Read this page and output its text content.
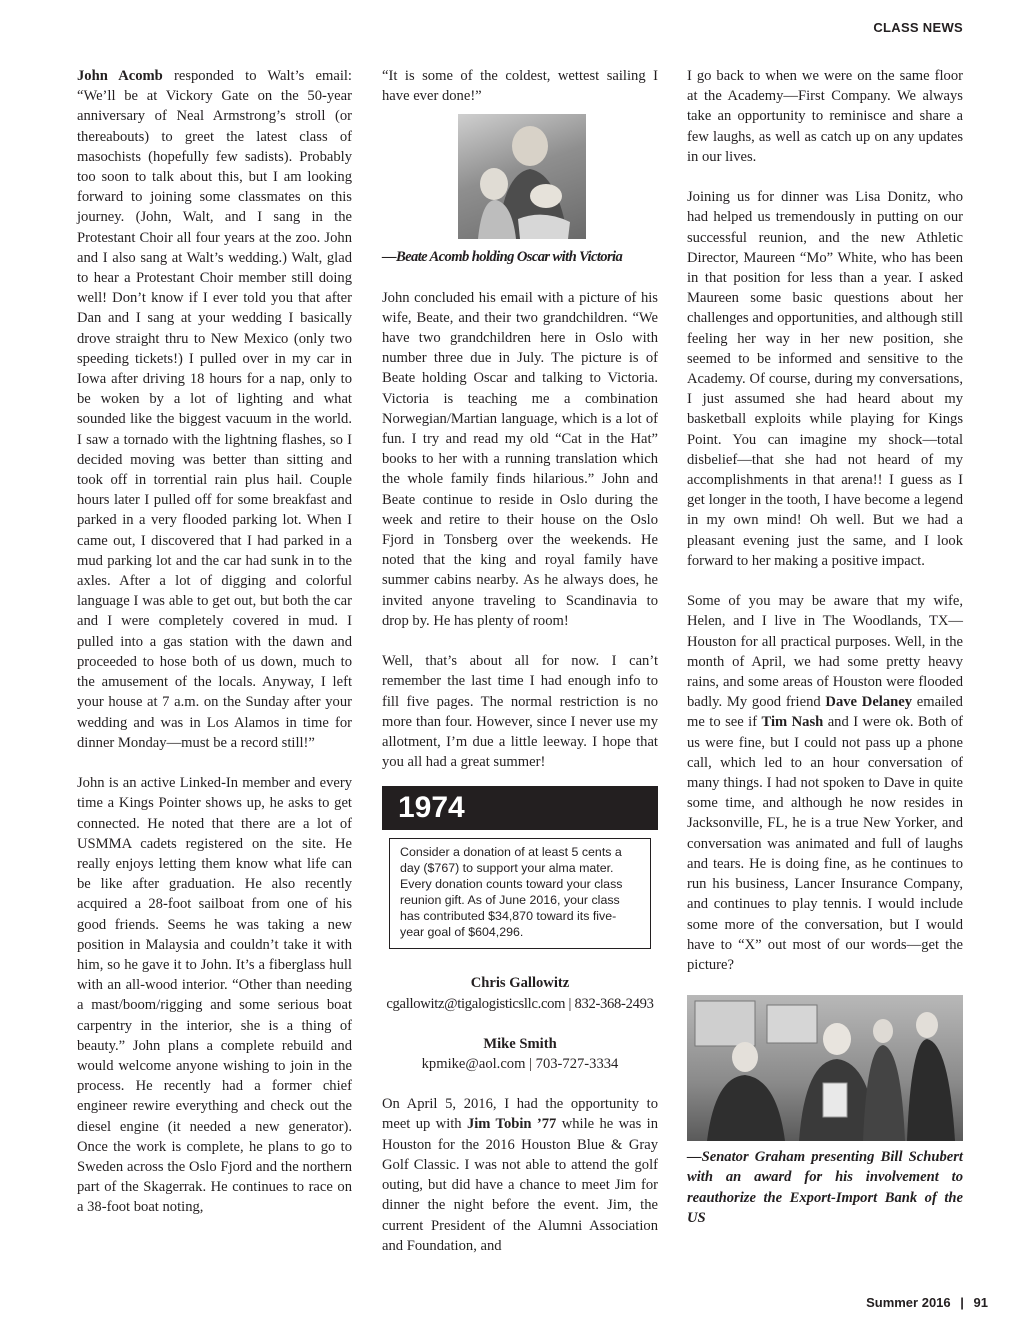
CLASS NEWS

John Acomb responded to Walt’s email: “We’ll be at Vickory Gate on the 50-year anniversary of Neal Armstrong’s stroll (or thereabouts) to greet the latest class of masochists (hopefully few sadists). Probably too soon to talk about this, but I am looking forward to joining some classmates on this journey. (John, Walt, and I sang in the Protestant Choir all four years at the zoo. John and I also sang at Walt’s wedding.) Walt, glad to hear a Protestant Choir member still doing well! Don’t know if I ever told you that after Dan and I sang at your wedding I basically drove straight thru to New Mexico (only two speeding tickets!) I pulled over in my car in Iowa after driving 18 hours for a nap, only to be woken by a lot of lighting and what sounded like the biggest vacuum in the world. I saw a tornado with the lightning flashes, so I decided moving was better than sitting and took off in torrential rain plus hail. Couple hours later I pulled off for some breakfast and parked in a very flooded parking lot. When I came out, I discovered that I had parked in a mud parking lot and the car had sunk in to the axles. After a lot of digging and colorful language I was able to get out, but both the car and I were completely covered in mud. I pulled into a gas station with the dawn and proceeded to hose both of us down, much to the amusement of the locals. Anyway, I left your house at 7 a.m. on the Sunday after your wedding and was in Los Alamos in time for dinner Monday—must be a record still!”

John is an active Linked-In member and every time a Kings Pointer shows up, he asks to get connected. He noted that there are a lot of USMMA cadets registered on the site. He really enjoys letting them know what life can be like after graduation. He also recently acquired a 28-foot sailboat from one of his good friends. Seems he was taking a new position in Malaysia and couldn’t take it with him, so he gave it to John. It’s a fiberglass hull with an all-wood interior. “Other than needing a mast/boom/rigging and some serious boat carpentry in the interior, she is a thing of beauty.” John plans a complete rebuild and would welcome anyone wishing to join in the process. He recently had a former chief engineer rewire everything and check out the diesel engine (it needed a new generator). Once the work is complete, he plans to go to Sweden across the Oslo Fjord and the northern part of the Skagerrak. He continues to race on a 38-foot boat noting,

“It is some of the coldest, wettest sailing I have ever done!”

—Beate Acomb holding Oscar with Victoria

John concluded his email with a picture of his wife, Beate, and their two grandchildren. “We have two grandchildren here in Oslo with number three due in July. The picture is of Beate holding Oscar and talking to Victoria. Victoria is teaching me a combination Norwegian/Martian language, which is a lot of fun. I try and read my old “Cat in the Hat” books to her with a running translation which the whole family finds hilarious.” John and Beate continue to reside in Oslo during the week and retire to their house on the Oslo Fjord in Tonsberg over the weekends. He noted that the king and royal family have summer cabins nearby. As he always does, he invited anyone traveling to Scandinavia to drop by. He has plenty of room!

Well, that’s about all for now. I can’t remember the last time I had enough info to fill five pages. The normal restriction is no more than four. However, since I never use my allotment, I’m due a little leeway. I hope that you all had a great summer!

1974
Consider a donation of at least 5 cents a day ($767) to support your alma mater. Every donation counts toward your class reunion gift. As of June 2016, your class has contributed $34,870 toward its five-year goal of $604,296.
Chris Gallowitz
cgallowitz@tigalogisticsllc.com | 832-368-2493
Mike Smith
kpmike@aol.com | 703-727-3334

On April 5, 2016, I had the opportunity to meet up with Jim Tobin ’77 while he was in Houston for the 2016 Houston Blue & Gray Golf Classic. I was not able to attend the golf outing, but did have a chance to meet Jim for dinner the night before the event. Jim, the current President of the Alumni Association and Foundation, and

I go back to when we were on the same floor at the Academy—First Company. We always take an opportunity to reminisce and share a few laughs, as well as catch up on any updates in our lives.

Joining us for dinner was Lisa Donitz, who had helped us tremendously in putting on our successful reunion, and the new Athletic Director, Maureen “Mo” White, who has been in that position for less than a year. I asked Maureen some basic questions about her challenges and opportunities, and although still feeling her way in her new position, she seemed to be informed and sensitive to the Academy. Of course, during my conversations, I just assumed she had heard about my basketball exploits while playing for Kings Point. You can imagine my shock—total disbelief—that she had not heard of my accomplishments in that arena!! I guess as I get longer in the tooth, I have become a legend in my own mind! Oh well. But we had a pleasant evening just the same, and I look forward to her making a positive impact.

Some of you may be aware that my wife, Helen, and I live in The Woodlands, TX—Houston for all practical purposes. Well, in the month of April, we had some pretty heavy rains, and some areas of Houston were flooded badly. My good friend Dave Delaney emailed me to see if Tim Nash and I were ok. Both of us were fine, but I could not pass up a phone call, which led to an hour conversation of many things. I had not spoken to Dave in quite some time, and although he now resides in Jacksonville, FL, he is a true New Yorker, and conversation was animated and full of laughs and tears. He is doing fine, as he continues to run his business, Lancer Insurance Company, and continues to play tennis. I would include some more of the conversation, but I would have to “X” out most of our words—get the picture?

—Senator Graham presenting Bill Schubert with an award for his involvement to reauthorize the Export-Import Bank of the US

Summer 2016 | 91
